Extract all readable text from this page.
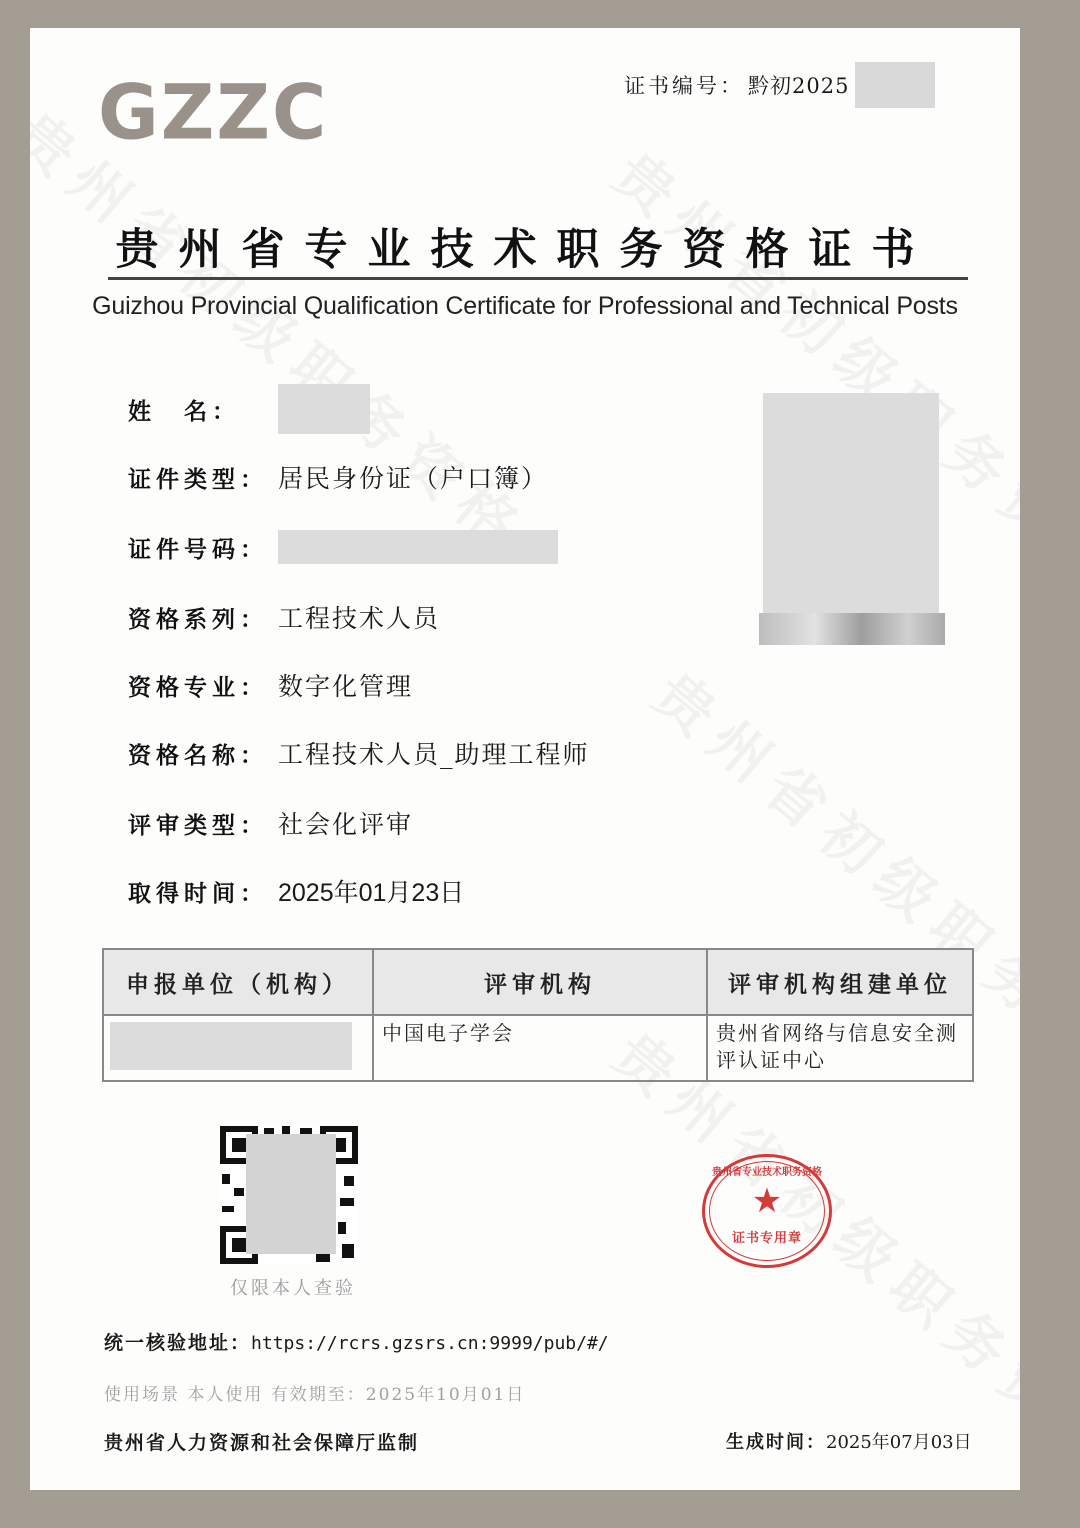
GZZC	证书编号： 黔初2025
贵州省专业技术职务资格证书
Guizhou Provincial Qualification Certificate for Professional and Technical Posts
姓　名：
证件类型： 居民身份证（户口簿）
证件号码：
资格系列： 工程技术人员
资格专业： 数字化管理
资格名称： 工程技术人员_助理工程师
评审类型： 社会化评审
取得时间： 2025年01月23日
申报单位（机构）	评审机构	评审机构组建单位

	中国电子学会	贵州省网络与信息安全测评认证中心
仅限本人查验
贵州省专业技术职务资格
★
证书专用章
统一核验地址：https://rcrs.gzsrs.cn:9999/pub/#/
使用场景 本人使用 有效期至：2025年10月01日
贵州省人力资源和社会保障厅监制	生成时间：2025年07月03日
